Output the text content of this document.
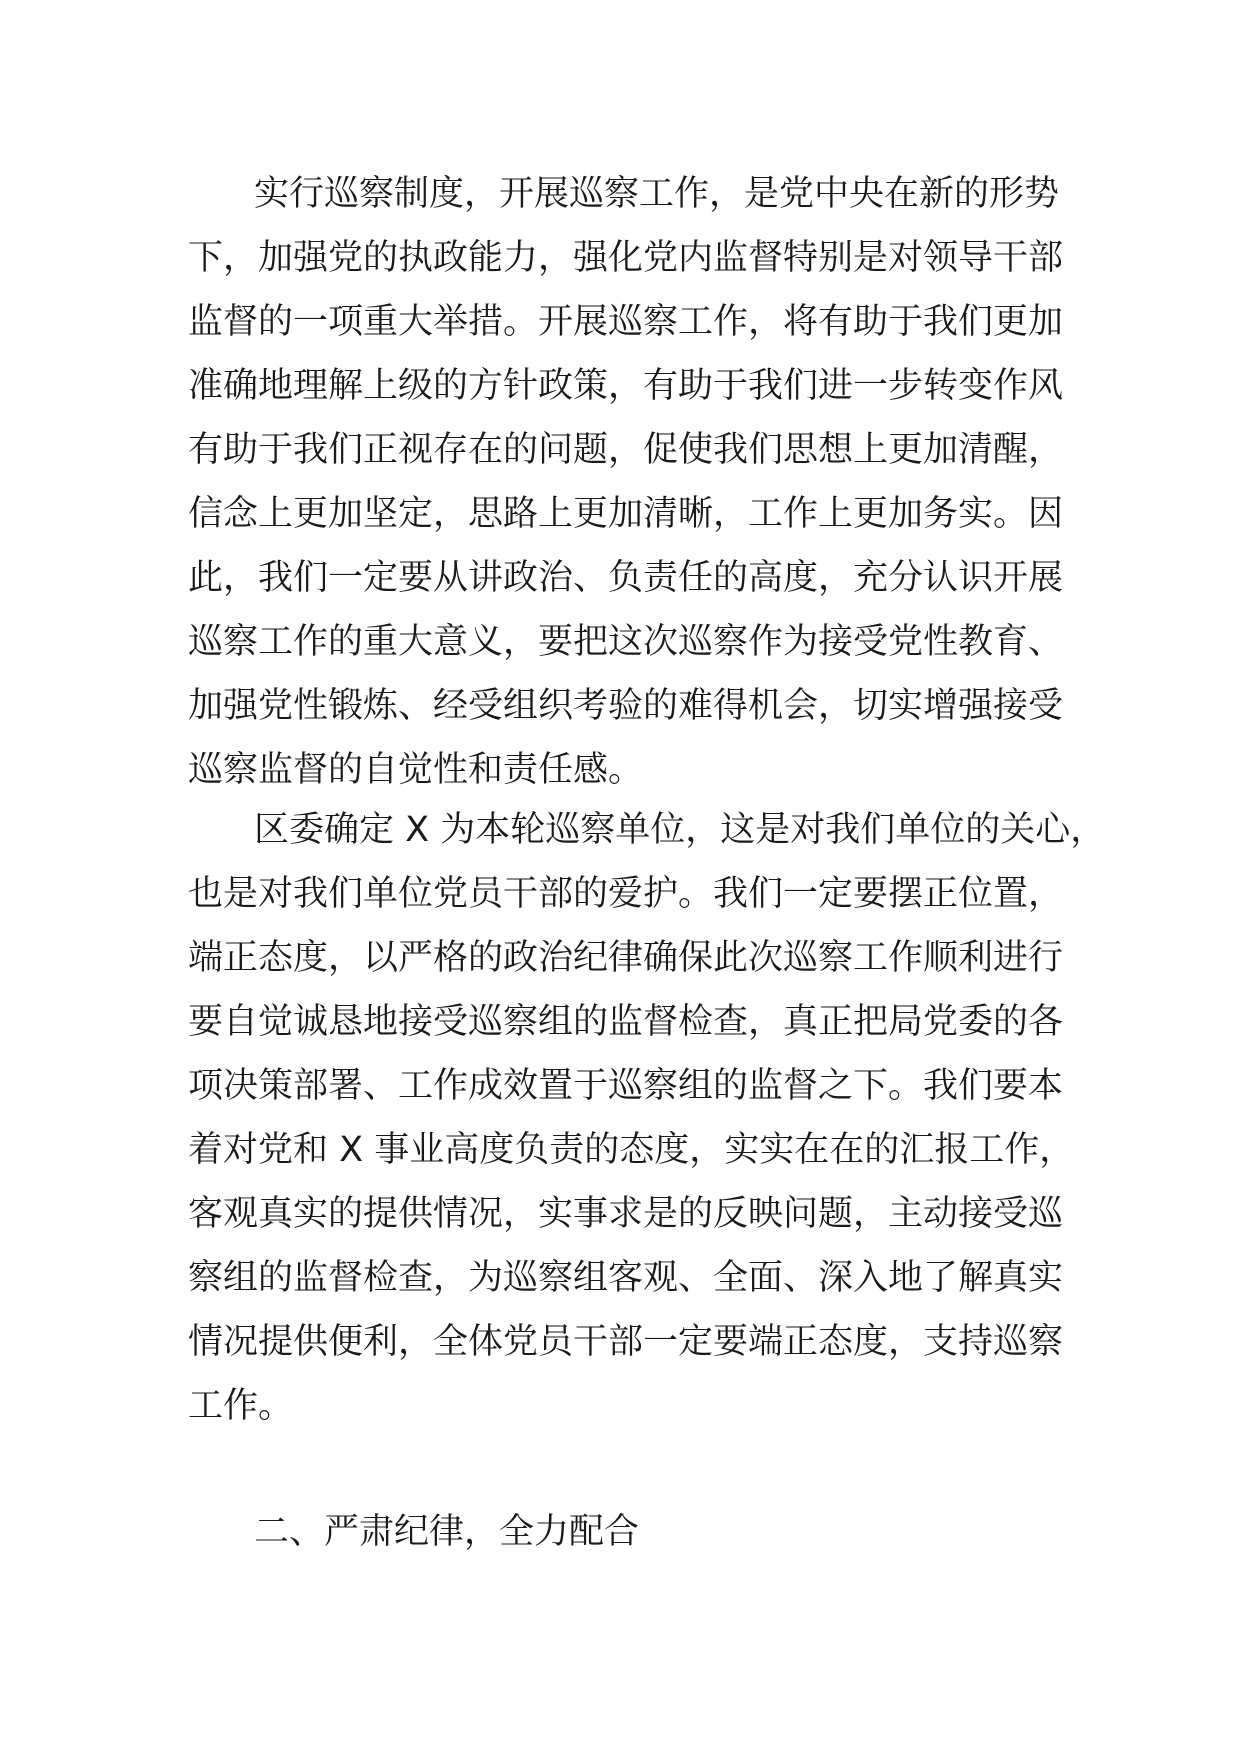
实行巡察制度，开展巡察工作，是党中央在新的形势
下，加强党的执政能力，强化党内监督特别是对领导干部
监督的一项重大举措。开展巡察工作，将有助于我们更加
准确地理解上级的方针政策，有助于我们进一步转变作风
有助于我们正视存在的问题，促使我们思想上更加清醒，
信念上更加坚定，思路上更加清晰，工作上更加务实。因
此，我们一定要从讲政治、负责任的高度，充分认识开展
巡察工作的重大意义，要把这次巡察作为接受党性教育、
加强党性锻炼、经受组织考验的难得机会，切实增强接受
巡察监督的自觉性和责任感。
区委确定 X 为本轮巡察单位，这是对我们单位的关心，
也是对我们单位党员干部的爱护。我们一定要摆正位置，
端正态度，以严格的政治纪律确保此次巡察工作顺利进行
要自觉诚恳地接受巡察组的监督检查，真正把局党委的各
项决策部署、工作成效置于巡察组的监督之下。我们要本
着对党和 X 事业高度负责的态度，实实在在的汇报工作，
客观真实的提供情况，实事求是的反映问题，主动接受巡
察组的监督检查，为巡察组客观、全面、深入地了解真实
情况提供便利，全体党员干部一定要端正态度，支持巡察
工作。
二、严肃纪律，全力配合
